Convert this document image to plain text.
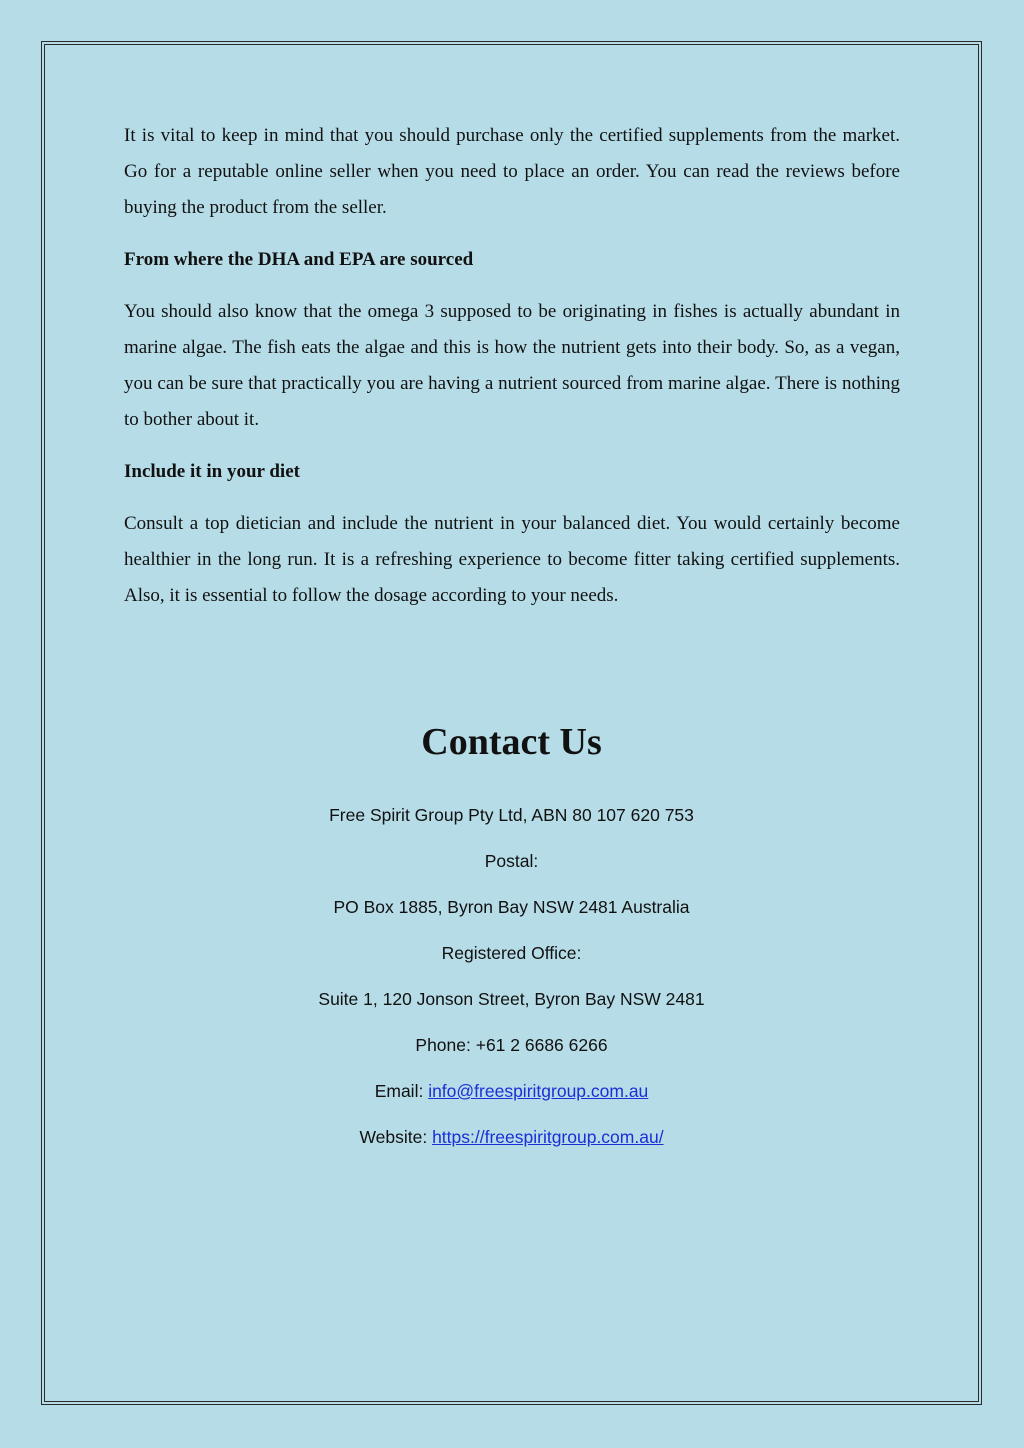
It is vital to keep in mind that you should purchase only the certified supplements from the market. Go for a reputable online seller when you need to place an order. You can read the reviews before buying the product from the seller.

From where the DHA and EPA are sourced

You should also know that the omega 3 supposed to be originating in fishes is actually abundant in marine algae. The fish eats the algae and this is how the nutrient gets into their body. So, as a vegan, you can be sure that practically you are having a nutrient sourced from marine algae. There is nothing to bother about it.

Include it in your diet

Consult a top dietician and include the nutrient in your balanced diet. You would certainly become healthier in the long run. It is a refreshing experience to become fitter taking certified supplements. Also, it is essential to follow the dosage according to your needs.

Contact Us
Free Spirit Group Pty Ltd, ABN 80 107 620 753
Postal:
PO Box 1885, Byron Bay NSW 2481 Australia
Registered Office:
Suite 1, 120 Jonson Street, Byron Bay NSW 2481
Phone: +61 2 6686 6266
Email: info@freespiritgroup.com.au
Website: https://freespiritgroup.com.au/
